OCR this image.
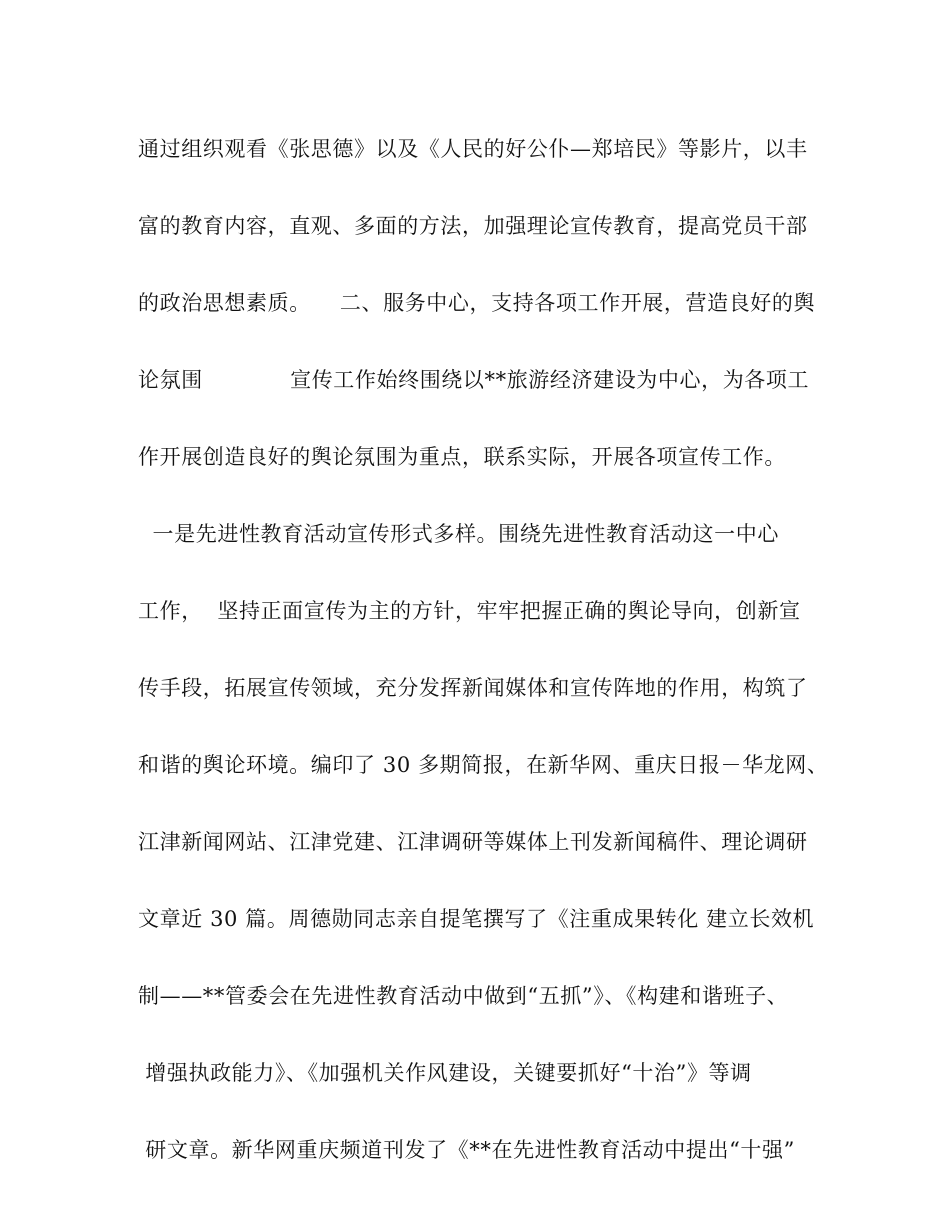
通过组织观看《张思德》以及《人民的好公仆—郑培民》等影片，以丰
富的教育内容，直观、多面的方法，加强理论宣传教育，提高党员干部
的政治思想素质。    二、服务中心，支持各项工作开展，营造良好的舆
论氛围            宣传工作始终围绕以**旅游经济建设为中心，为各项工
作开展创造良好的舆论氛围为重点，联系实际，开展各项宣传工作。
一是先进性教育活动宣传形式多样。围绕先进性教育活动这一中心
工作，  坚持正面宣传为主的方针，牢牢把握正确的舆论导向，创新宣
传手段，拓展宣传领域，充分发挥新闻媒体和宣传阵地的作用，构筑了
和谐的舆论环境。编印了 30 多期简报，在新华网、重庆日报－华龙网、
江津新闻网站、江津党建、江津调研等媒体上刊发新闻稿件、理论调研
文章近 30 篇。周德勋同志亲自提笔撰写了《注重成果转化 建立长效机
制——**管委会在先进性教育活动中做到“五抓”》、《构建和谐班子、
增强执政能力》、《加强机关作风建设，关键要抓好“十治”》等调
研文章。新华网重庆频道刊发了《**在先进性教育活动中提出“十强”
